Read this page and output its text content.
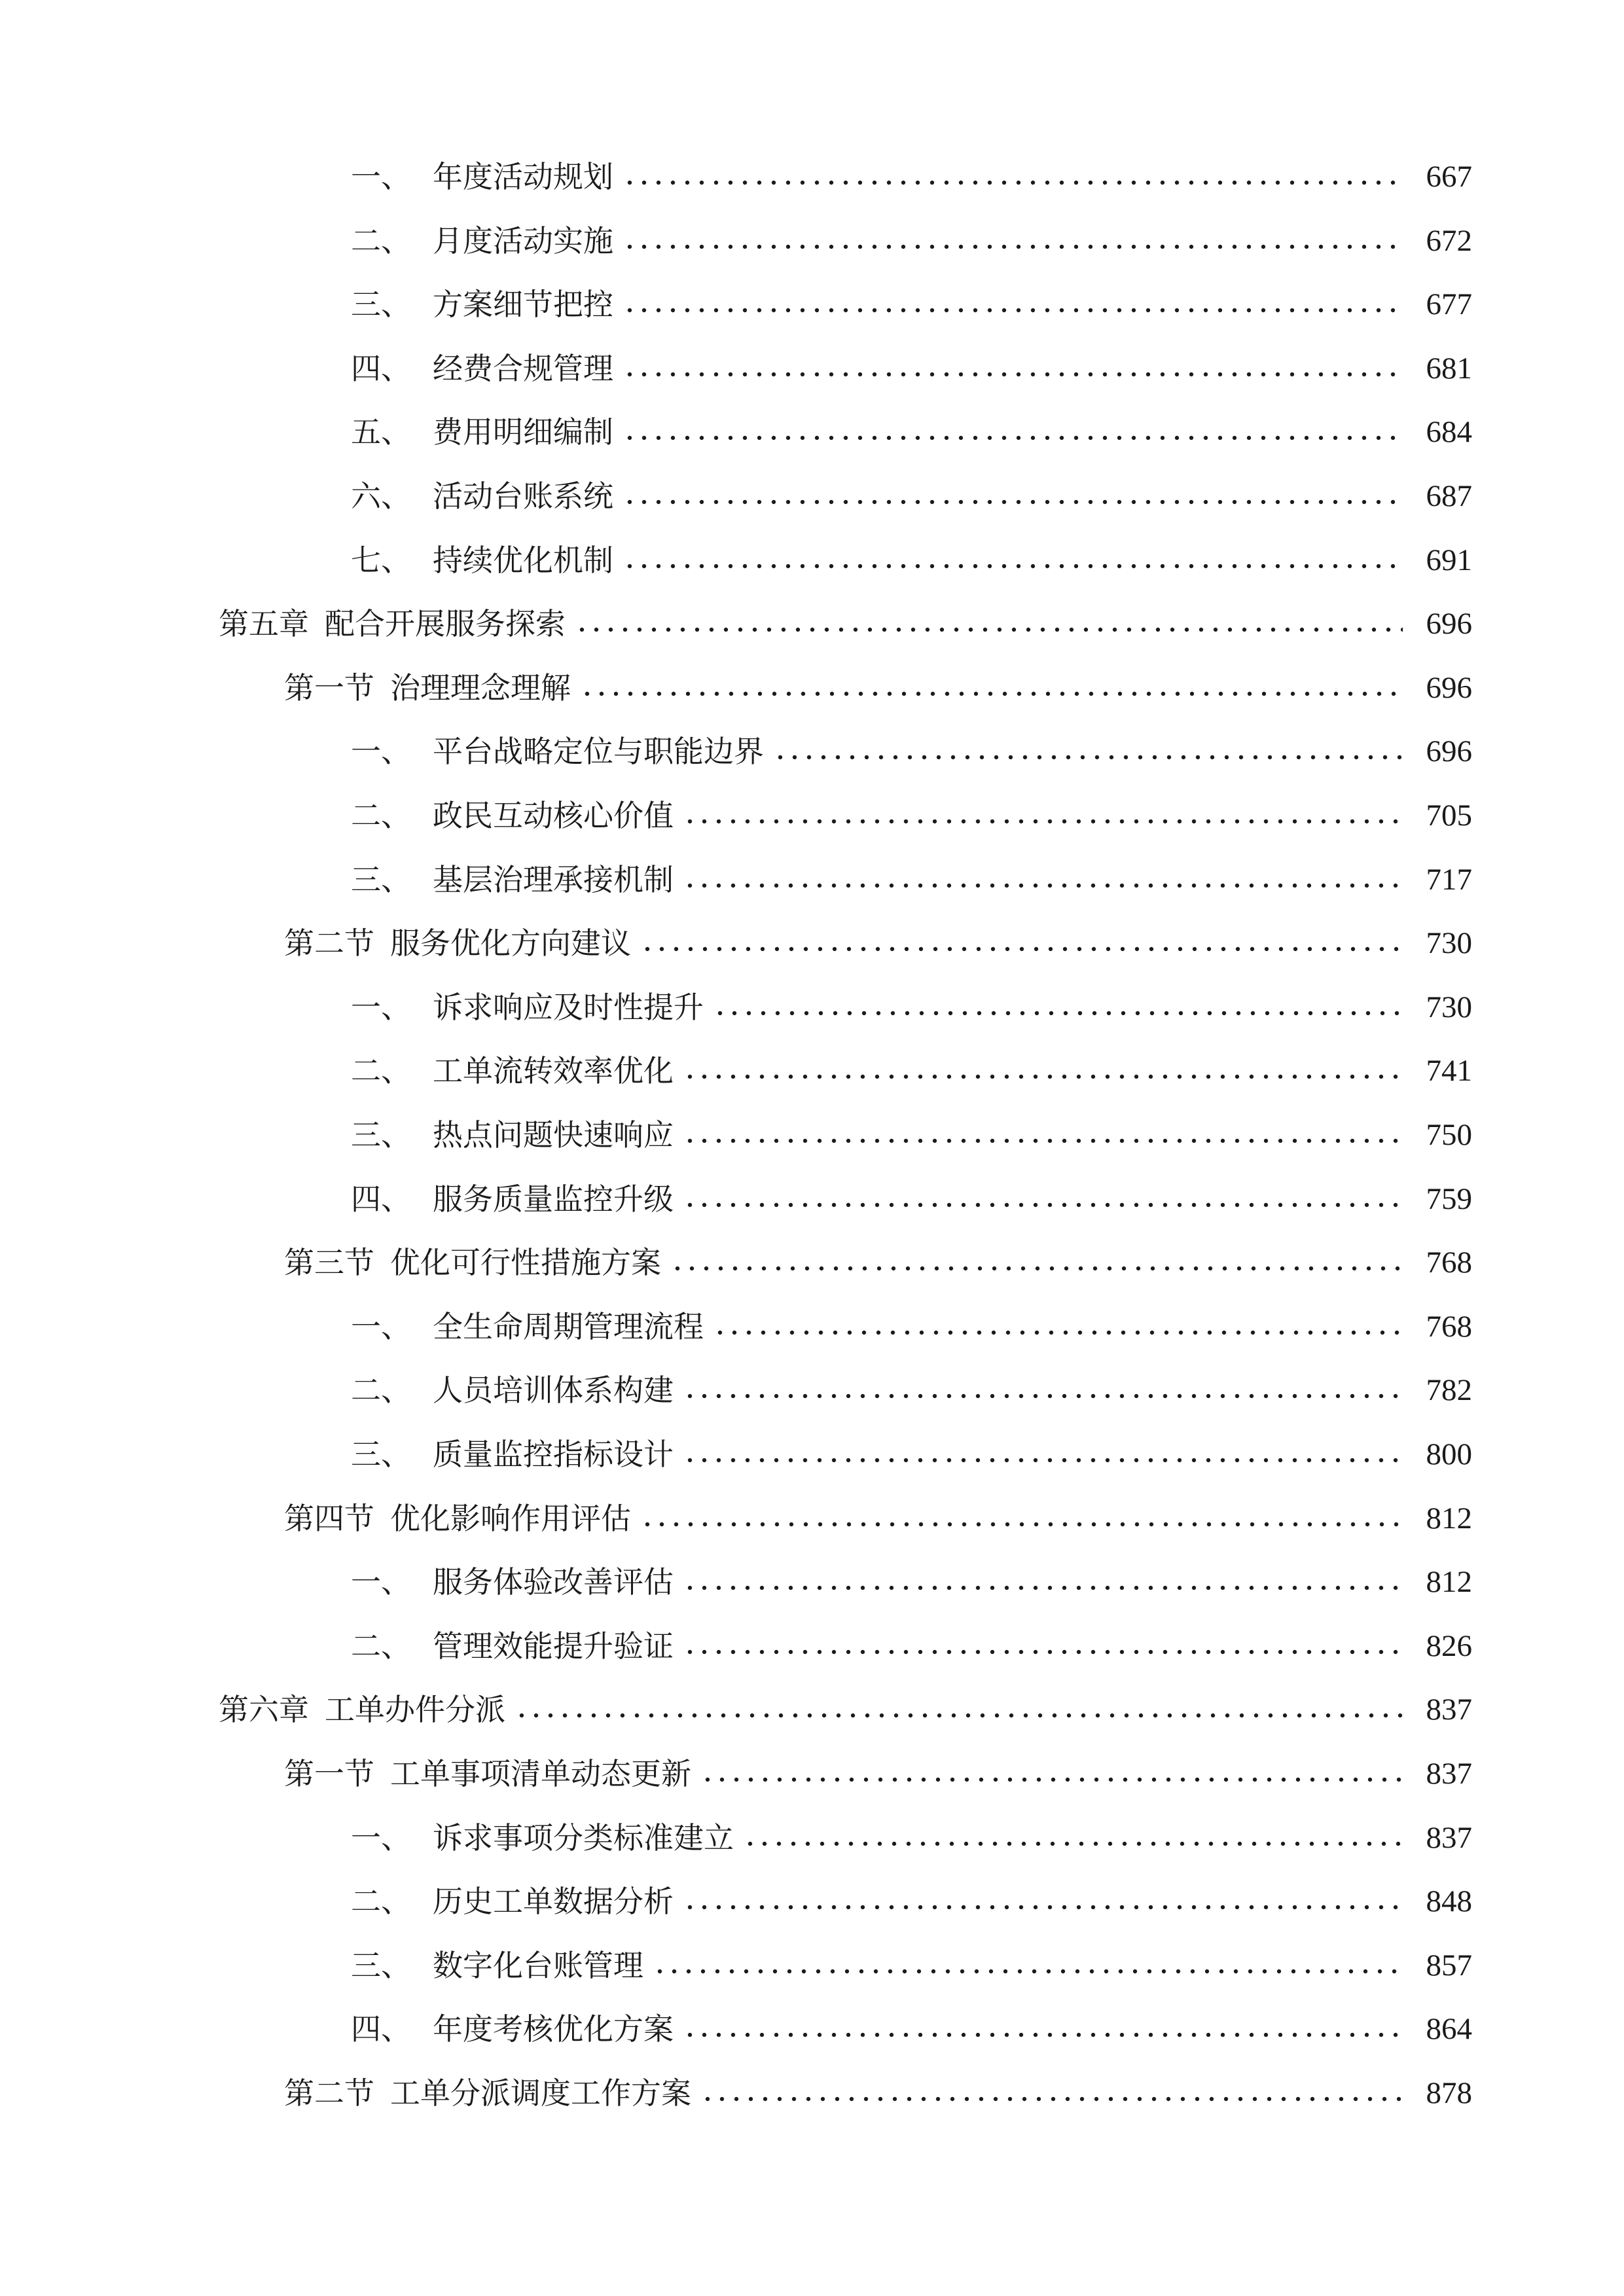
一、 年度活动规划	667
二、 月度活动实施	672
三、 方案细节把控	677
四、 经费合规管理	681
五、 费用明细编制	684
六、 活动台账系统	687
七、 持续优化机制	691
第五章 配合开展服务探索	696
第一节 治理理念理解	696
一、 平台战略定位与职能边界	696
二、 政民互动核心价值	705
三、 基层治理承接机制	717
第二节 服务优化方向建议	730
一、 诉求响应及时性提升	730
二、 工单流转效率优化	741
三、 热点问题快速响应	750
四、 服务质量监控升级	759
第三节 优化可行性措施方案	768
一、 全生命周期管理流程	768
二、 人员培训体系构建	782
三、 质量监控指标设计	800
第四节 优化影响作用评估	812
一、 服务体验改善评估	812
二、 管理效能提升验证	826
第六章 工单办件分派	837
第一节 工单事项清单动态更新	837
一、 诉求事项分类标准建立	837
二、 历史工单数据分析	848
三、 数字化台账管理	857
四、 年度考核优化方案	864
第二节 工单分派调度工作方案	878
